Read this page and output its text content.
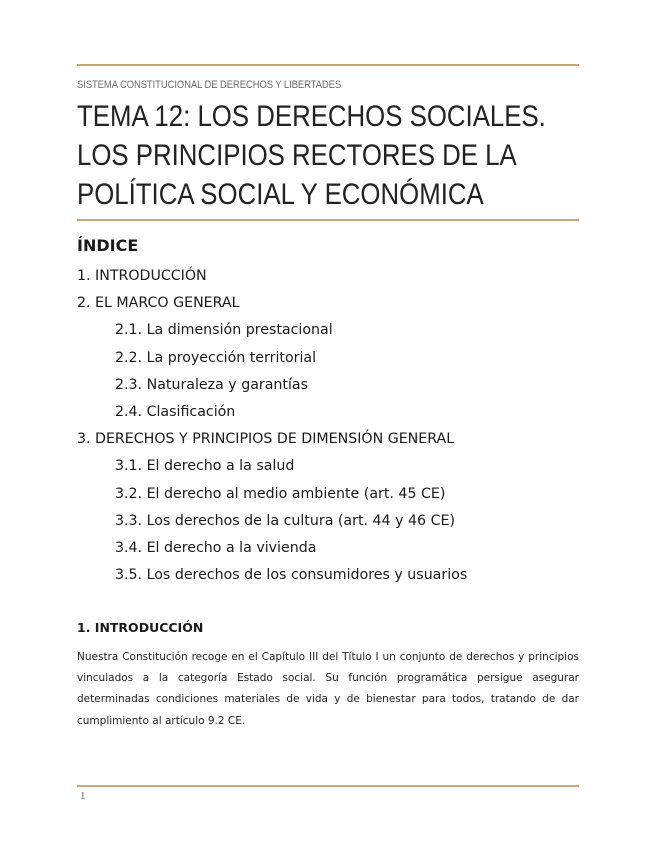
SISTEMA CONSTITUCIONAL DE DERECHOS Y LIBERTADES
TEMA 12: LOS DERECHOS SOCIALES. LOS PRINCIPIOS RECTORES DE LA POLÍTICA SOCIAL Y ECONÓMICA
ÍNDICE
1. INTRODUCCIÓN
2. EL MARCO GENERAL
2.1. La dimensión prestacional
2.2. La proyección territorial
2.3. Naturaleza y garantías
2.4. Clasificación
3. DERECHOS Y PRINCIPIOS DE DIMENSIÓN GENERAL
3.1. El derecho a la salud
3.2. El derecho al medio ambiente (art. 45 CE)
3.3. Los derechos de la cultura (art. 44 y 46 CE)
3.4. El derecho a la vivienda
3.5. Los derechos de los consumidores y usuarios
1. INTRODUCCIÓN

Nuestra Constitución recoge en el Capítulo III del Título I un conjunto de derechos y principios vinculados a la categoría Estado social. Su función programática persigue asegurar determinadas condiciones materiales de vida y de bienestar para todos, tratando de dar cumplimiento al artículo 9.2 CE.

1
